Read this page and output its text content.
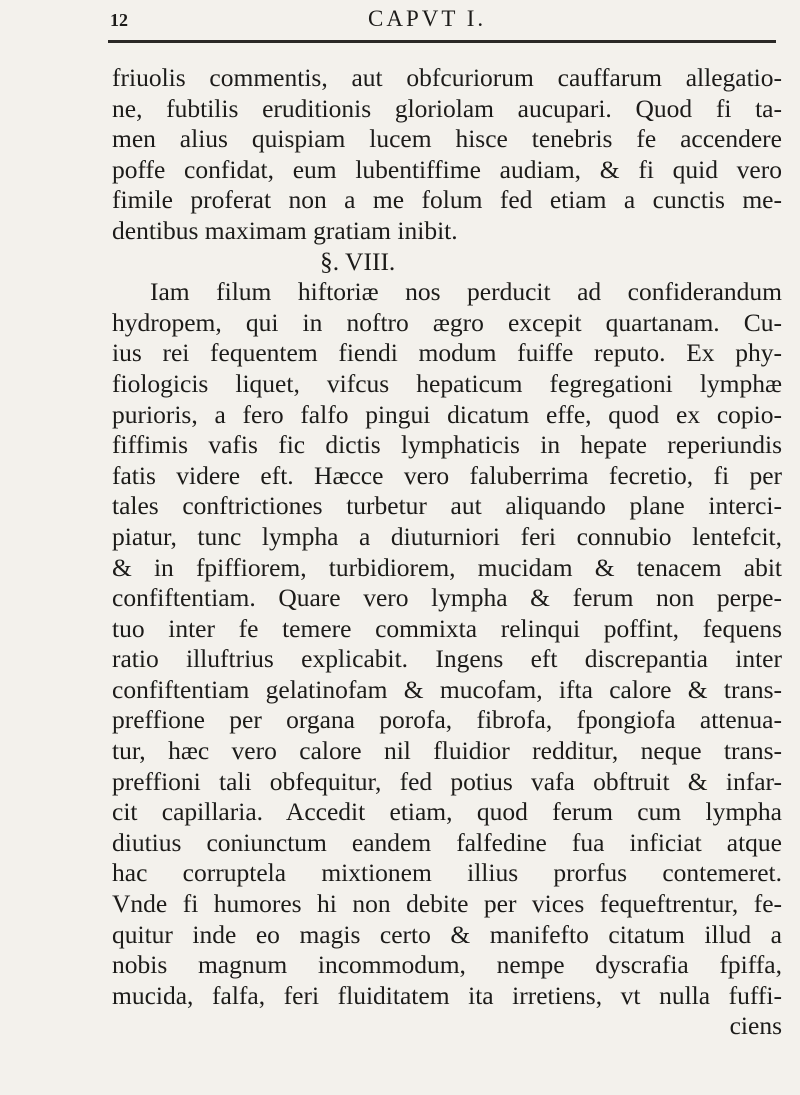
12	CAPVT I.
friuolis commentis, aut obfcuriorum cauffarum allegatio-
ne, fubtilis eruditionis gloriolam aucupari. Quod fi ta-
men alius quispiam lucem hisce tenebris fe accendere
poffe confidat, eum lubentiffime audiam, & fi quid vero
fimile proferat non a me folum fed etiam a cunctis me-
dentibus maximam gratiam inibit.
§. VIII.
Iam filum hiftoriæ nos perducit ad confiderandum
hydropem, qui in noftro ægro excepit quartanam. Cu-
ius rei fequentem fiendi modum fuiffe reputo. Ex phy-
fiologicis liquet, vifcus hepaticum fegregationi lymphæ
purioris, a fero falfo pingui dicatum effe, quod ex copio-
fiffimis vafis fic dictis lymphaticis in hepate reperiundis
fatis videre eft. Hæcce vero faluberrima fecretio, fi per
tales conftrictiones turbetur aut aliquando plane interci-
piatur, tunc lympha a diuturniori feri connubio lentefcit,
& in fpiffiorem, turbidiorem, mucidam & tenacem abit
confiftentiam. Quare vero lympha & ferum non perpe-
tuo inter fe temere commixta relinqui poffint, fequens
ratio illuftrius explicabit. Ingens eft discrepantia inter
confiftentiam gelatinofam & mucofam, ifta calore & trans-
preffione per organa porofa, fibrofa, fpongiofa attenua-
tur, hæc vero calore nil fluidior redditur, neque trans-
preffioni tali obfequitur, fed potius vafa obftruit & infar-
cit capillaria. Accedit etiam, quod ferum cum lympha
diutius coniunctum eandem falfedine fua inficiat atque
hac corruptela mixtionem illius prorfus contemeret.
Vnde fi humores hi non debite per vices fequeftrentur, fe-
quitur inde eo magis certo & manifefto citatum illud a
nobis magnum incommodum, nempe dyscrafia fpiffa,
mucida, falfa, feri fluiditatem ita irretiens, vt nulla fuffi-
ciens
